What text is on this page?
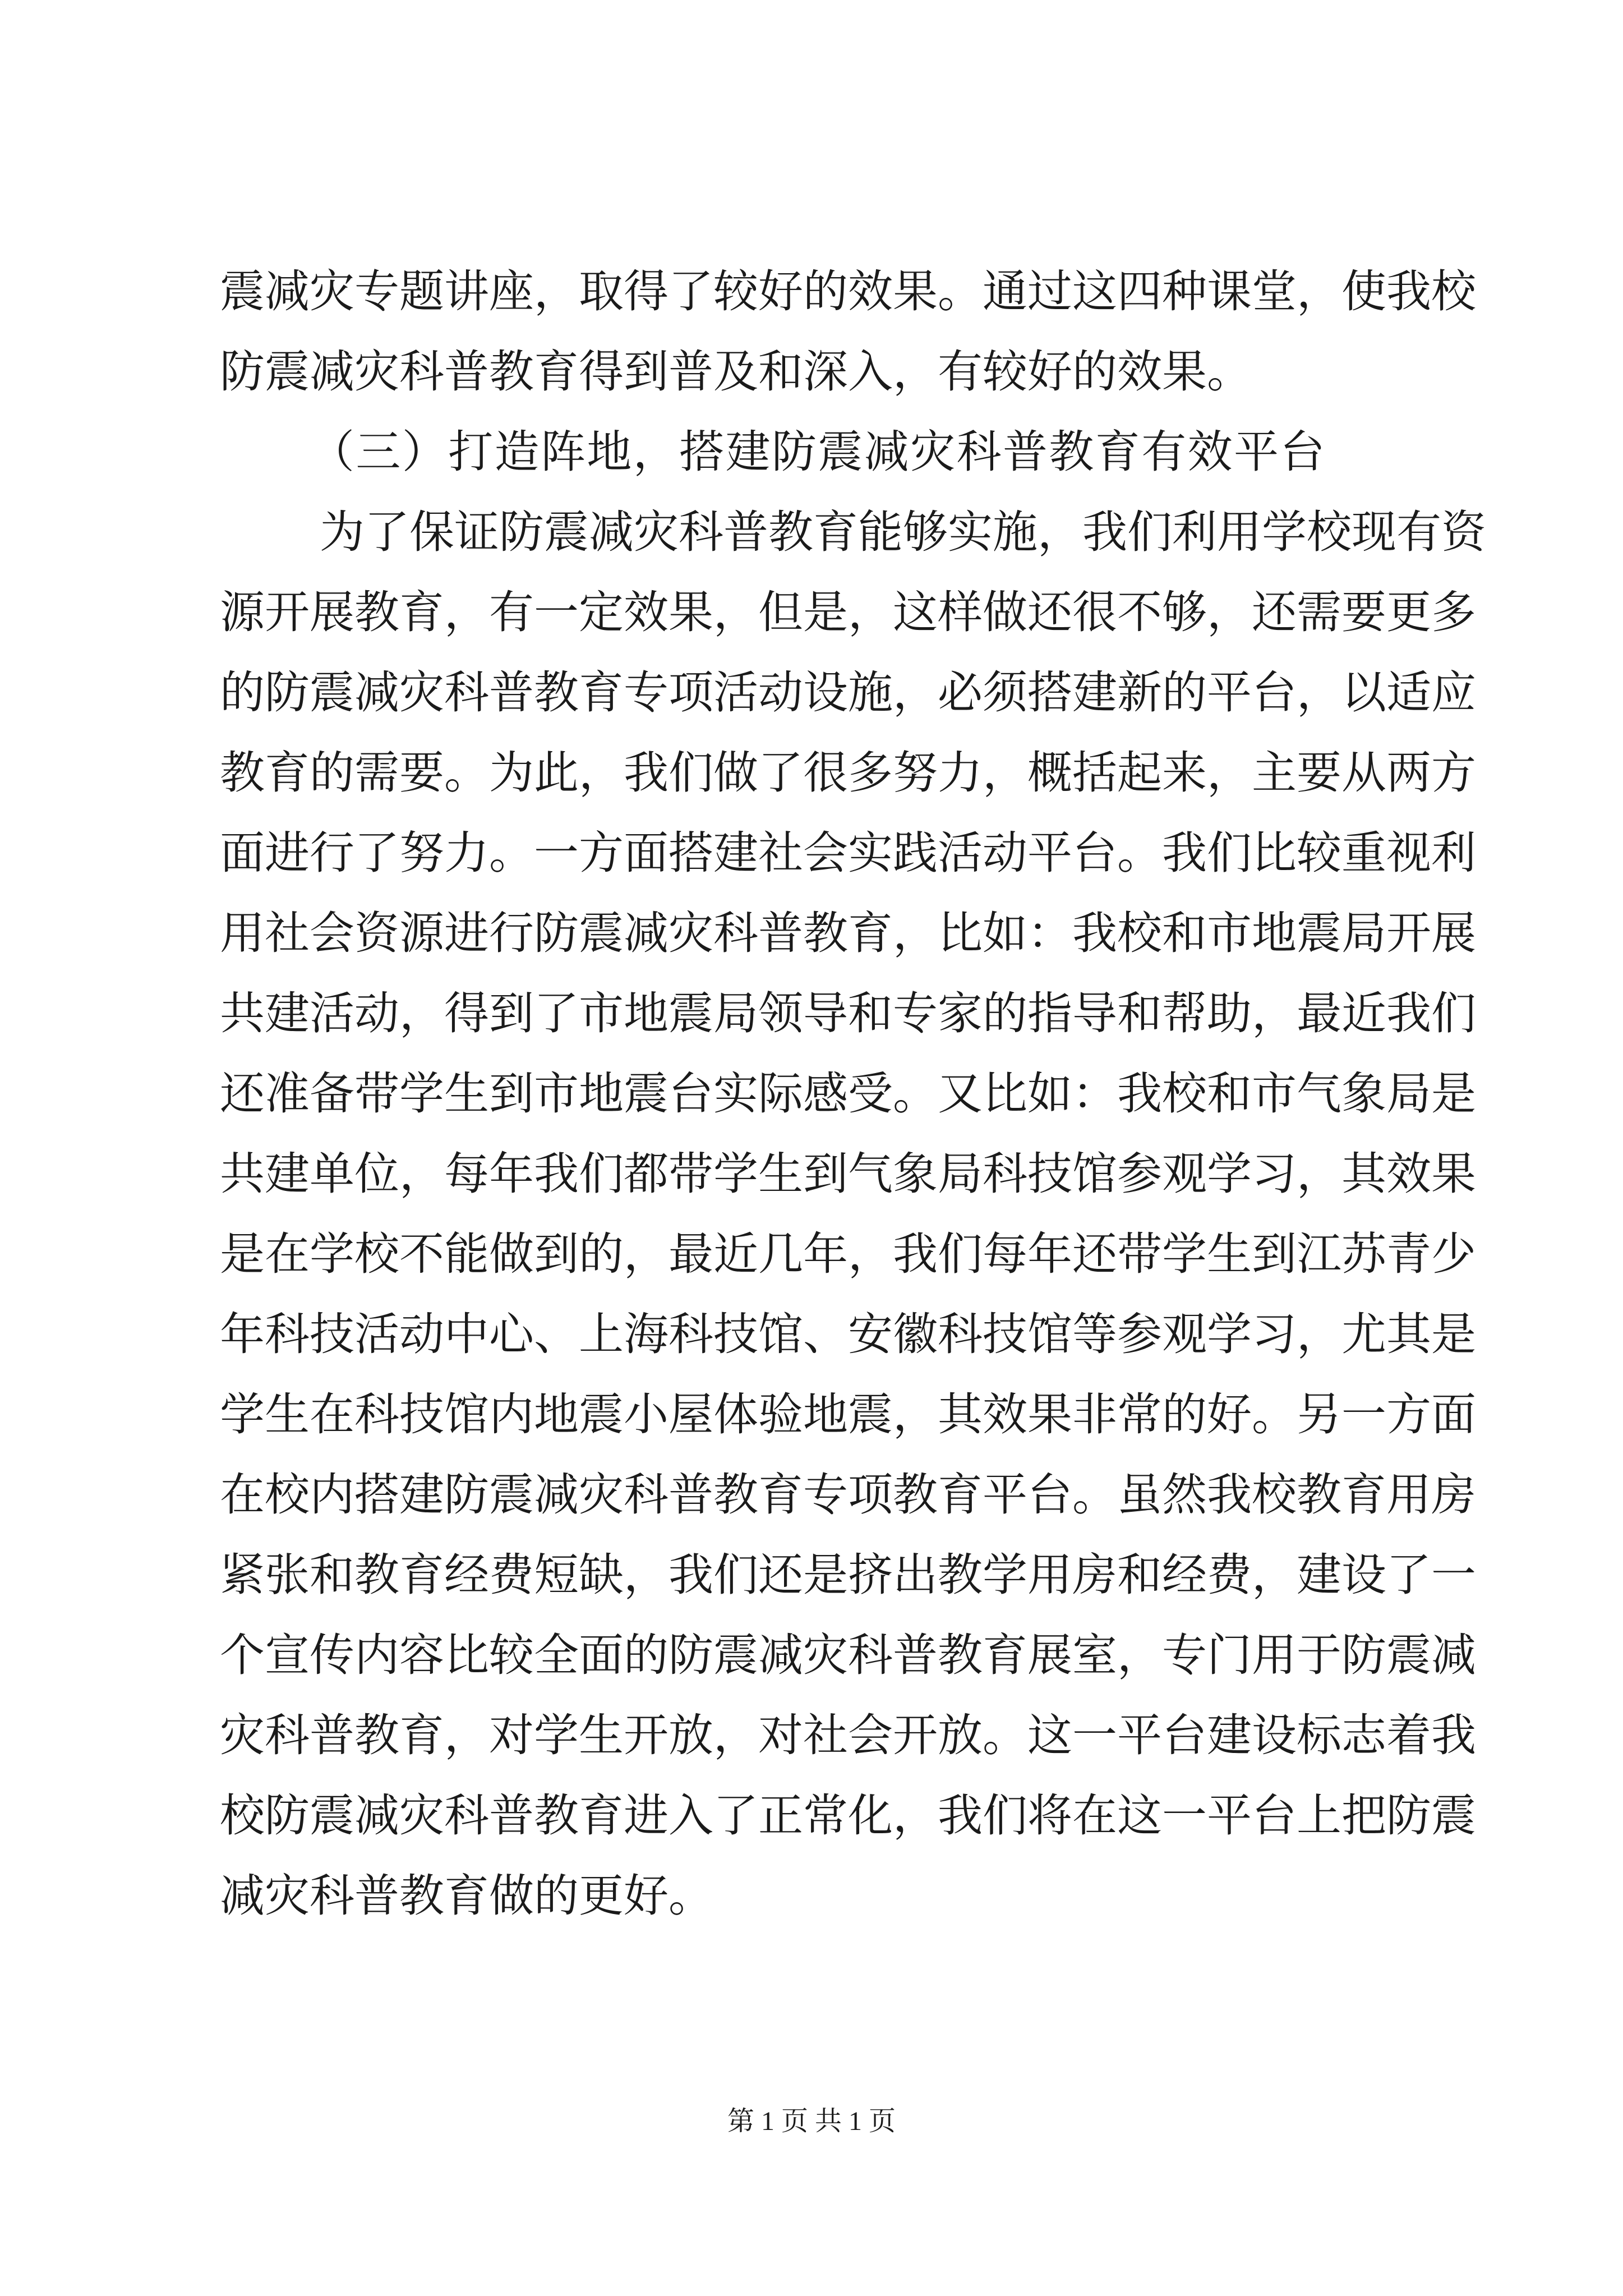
震减灾专题讲座，取得了较好的效果。通过这四种课堂，使我校
防震减灾科普教育得到普及和深入，有较好的效果。
（三）打造阵地，搭建防震减灾科普教育有效平台
为了保证防震减灾科普教育能够实施，我们利用学校现有资
源开展教育，有一定效果，但是，这样做还很不够，还需要更多
的防震减灾科普教育专项活动设施，必须搭建新的平台，以适应
教育的需要。为此，我们做了很多努力，概括起来，主要从两方
面进行了努力。一方面搭建社会实践活动平台。我们比较重视利
用社会资源进行防震减灾科普教育，比如：我校和市地震局开展
共建活动，得到了市地震局领导和专家的指导和帮助，最近我们
还准备带学生到市地震台实际感受。又比如：我校和市气象局是
共建单位，每年我们都带学生到气象局科技馆参观学习，其效果
是在学校不能做到的，最近几年，我们每年还带学生到江苏青少
年科技活动中心、上海科技馆、安徽科技馆等参观学习，尤其是
学生在科技馆内地震小屋体验地震，其效果非常的好。另一方面
在校内搭建防震减灾科普教育专项教育平台。虽然我校教育用房
紧张和教育经费短缺，我们还是挤出教学用房和经费，建设了一
个宣传内容比较全面的防震减灾科普教育展室，专门用于防震减
灾科普教育，对学生开放，对社会开放。这一平台建设标志着我
校防震减灾科普教育进入了正常化，我们将在这一平台上把防震
减灾科普教育做的更好。
第 1 页 共 1 页
